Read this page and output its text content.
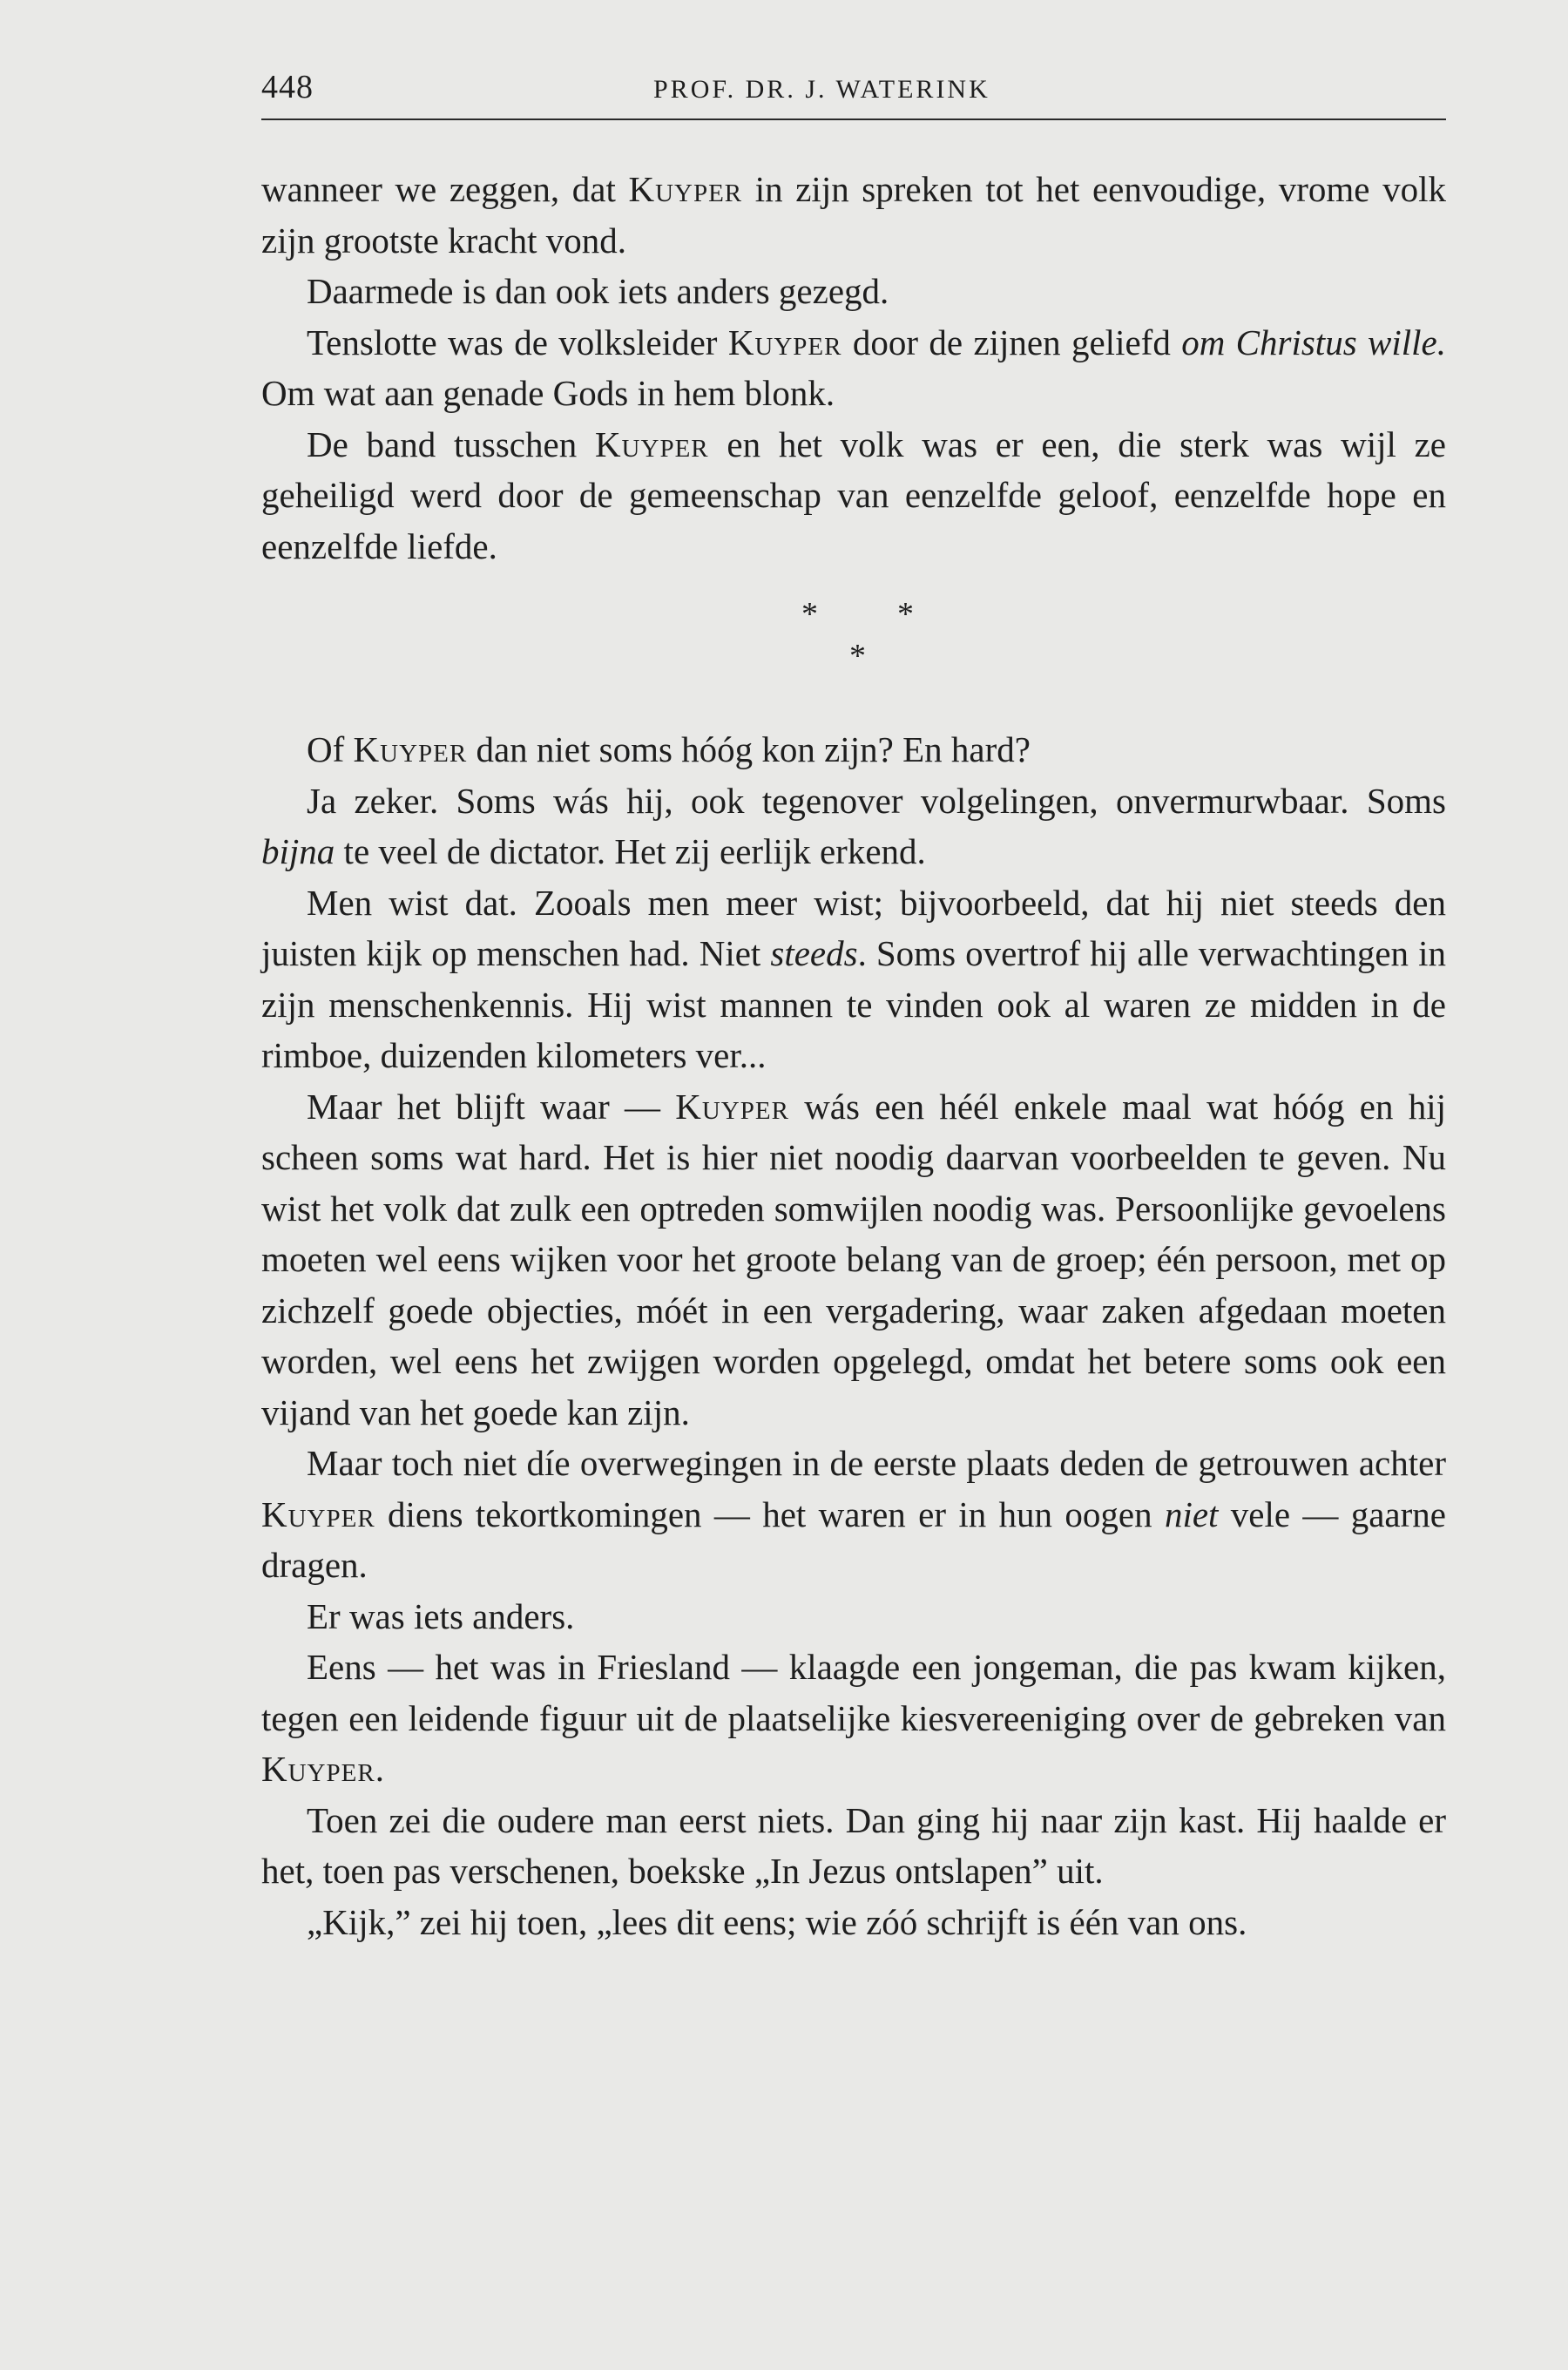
448	PROF. DR. J. WATERINK

wanneer we zeggen, dat Kuyper in zijn spreken tot het eenvoudige, vrome volk zijn grootste kracht vond.

Daarmede is dan ook iets anders gezegd.

Tenslotte was de volksleider Kuyper door de zijnen geliefd om Christus wille. Om wat aan genade Gods in hem blonk.

De band tusschen Kuyper en het volk was er een, die sterk was wijl ze geheiligd werd door de gemeenschap van eenzelfde geloof, eenzelfde hope en eenzelfde liefde.

* *
*

Of Kuyper dan niet soms hóóg kon zijn? En hard?

Ja zeker. Soms wás hij, ook tegenover volgelingen, onvermurwbaar. Soms bijna te veel de dictator. Het zij eerlijk erkend.

Men wist dat. Zooals men meer wist; bijvoorbeeld, dat hij niet steeds den juisten kijk op menschen had. Niet steeds. Soms overtrof hij alle verwachtingen in zijn menschenkennis. Hij wist mannen te vinden ook al waren ze midden in de rimboe, duizenden kilometers ver...

Maar het blijft waar — Kuyper wás een héél enkele maal wat hóóg en hij scheen soms wat hard. Het is hier niet noodig daarvan voorbeelden te geven. Nu wist het volk dat zulk een optreden somwijlen noodig was. Persoonlijke gevoelens moeten wel eens wijken voor het groote belang van de groep; één persoon, met op zichzelf goede objecties, móét in een vergadering, waar zaken afgedaan moeten worden, wel eens het zwijgen worden opgelegd, omdat het betere soms ook een vijand van het goede kan zijn.

Maar toch niet díe overwegingen in de eerste plaats deden de getrouwen achter Kuyper diens tekortkomingen — het waren er in hun oogen niet vele — gaarne dragen.

Er was iets anders.

Eens — het was in Friesland — klaagde een jongeman, die pas kwam kijken, tegen een leidende figuur uit de plaatselijke kiesvereeniging over de gebreken van Kuyper.

Toen zei die oudere man eerst niets. Dan ging hij naar zijn kast. Hij haalde er het, toen pas verschenen, boekske „In Jezus ontslapen” uit.

„Kijk,” zei hij toen, „lees dit eens; wie zóó schrijft is één van ons.
